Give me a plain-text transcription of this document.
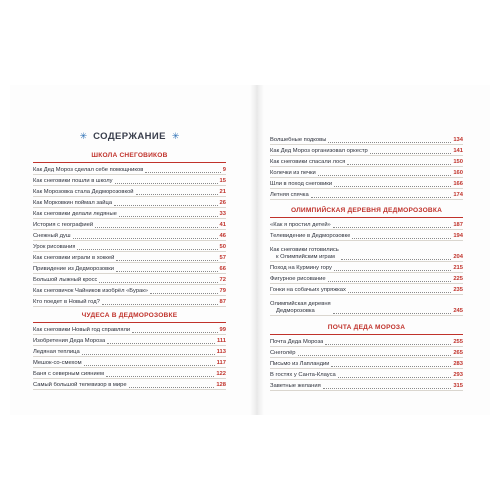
✳ СОДЕРЖАНИЕ ✳
ШКОЛА СНЕГОВИКОВ
Как Дед Мороз сделал себе помощников	9
Как снеговики пошли в школу	15
Как Морозовка стала Дедморозовкой	21
Как Морковкин поймал зайца	26
Как снеговики делали ледяные	33
История с географией	41
Снежный душ	46
Урок рисования	50
Как снеговики играли в хоккей	57
Привидение из Дедморозовки	66
Большой лыжный кросс	72
Как снеговичок Чайников изобрёл «Бурак»	79
Кто поедет в Новый год?	87
ЧУДЕСА В ДЕДМОРОЗОВКЕ
Как снеговики Новый год справляли	99
Изобретения Деда Мороза	111
Ледяная теплица	113
Мешок-со-смехом	117
Баня с северным сиянием	122
Самый большой телевизор в мире	128
Волшебные подковы	134
Как Дед Мороз организовал оркестр	141
Как снеговики спасали лося	150
Колечки из печки	160
Шли в поход снеговики	166
Летняя спячка	174
ОЛИМПИЙСКАЯ ДЕРЕВНЯ ДЕДМОРОЗОВКА
«Как я простил детей»	187
Телевидение в Дедморозовке	194
Как снеговики готовились
к Олимпийским играм	204
Поход на Курмину гору	215
Фигурное рисование	225
Гонки на собачьих упряжках	235
Олимпийская деревня
Дедморозовка	245
ПОЧТА ДЕДА МОРОЗА
Почта Деда Мороза	255
Снеголёр	265
Письмо из Лапландии	283
В гостях у Санта-Клауса	293
Заветные желания	315
